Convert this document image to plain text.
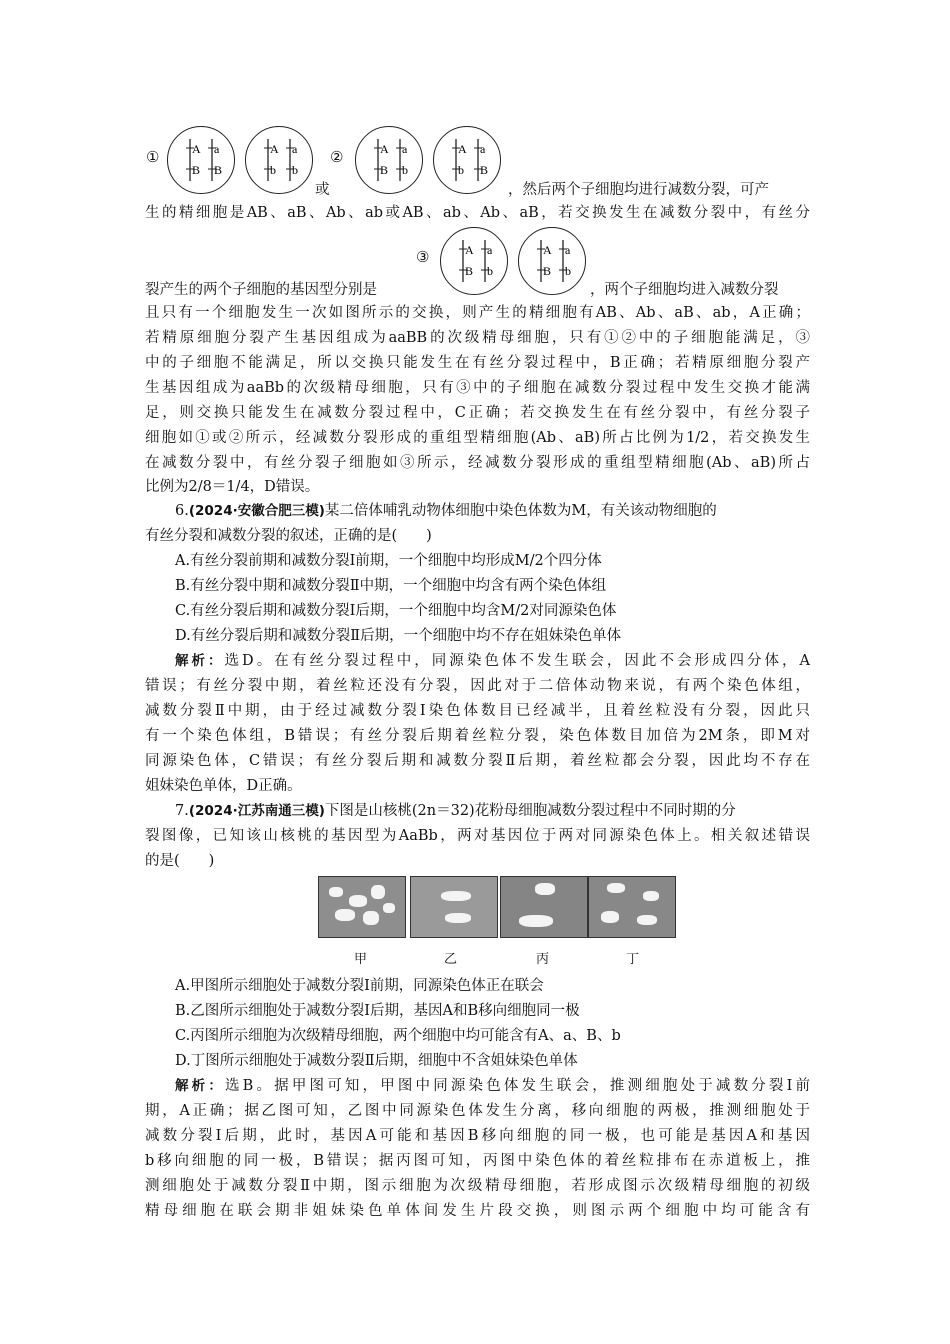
①	A
B
a
B
A
b
a
b
②	A
B
a
b
A
b
a
B
或	，然后两个子细胞均进行减数分裂，可产
生的精细胞是AB、aB、Ab、ab或AB、ab、Ab、aB，若交换发生在减数分裂中，有丝分
③	A
B
a
b
A
B
a
b
裂产生的两个子细胞的基因型分别是	，两个子细胞均进入减数分裂
且只有一个细胞发生一次如图所示的交换，则产生的精细胞有AB、Ab、aB、ab，A正确；
若精原细胞分裂产生基因组成为aaBB的次级精母细胞，只有①②中的子细胞能满足，③
中的子细胞不能满足，所以交换只能发生在有丝分裂过程中，B正确；若精原细胞分裂产
生基因组成为aaBb的次级精母细胞，只有③中的子细胞在减数分裂过程中发生交换才能满
足，则交换只能发生在减数分裂过程中，C正确；若交换发生在有丝分裂中，有丝分裂子
细胞如①或②所示，经减数分裂形成的重组型精细胞(Ab、aB)所占比例为1/2，若交换发生
在减数分裂中，有丝分裂子细胞如③所示，经减数分裂形成的重组型精细胞(Ab、aB)所占
比例为2/8＝1/4，D错误。
6.(2024·安徽合肥三模)某二倍体哺乳动物体细胞中染色体数为M，有关该动物细胞的
有丝分裂和减数分裂的叙述，正确的是(　　)
A.有丝分裂前期和减数分裂Ⅰ前期，一个细胞中均形成M/2个四分体
B.有丝分裂中期和减数分裂Ⅱ中期，一个细胞中均含有两个染色体组
C.有丝分裂后期和减数分裂Ⅰ后期，一个细胞中均含M/2对同源染色体
D.有丝分裂后期和减数分裂Ⅱ后期，一个细胞中均不存在姐妹染色单体
解析：选D。在有丝分裂过程中，同源染色体不发生联会，因此不会形成四分体，A
错误；有丝分裂中期，着丝粒还没有分裂，因此对于二倍体动物来说，有两个染色体组，
减数分裂Ⅱ中期，由于经过减数分裂Ⅰ染色体数目已经减半，且着丝粒没有分裂，因此只
有一个染色体组，B错误；有丝分裂后期着丝粒分裂，染色体数目加倍为2M条，即M对
同源染色体，C错误；有丝分裂后期和减数分裂Ⅱ后期，着丝粒都会分裂，因此均不存在
姐妹染色单体，D正确。
7.(2024·江苏南通三模)下图是山核桃(2n＝32)花粉母细胞减数分裂过程中不同时期的分
裂图像，已知该山核桃的基因型为AaBb，两对基因位于两对同源染色体上。相关叙述错误
的是(　　)
甲	乙	丙	丁
A.甲图所示细胞处于减数分裂Ⅰ前期，同源染色体正在联会
B.乙图所示细胞处于减数分裂Ⅰ后期，基因A和B移向细胞同一极
C.丙图所示细胞为次级精母细胞，两个细胞中均可能含有A、a、B、b
D.丁图所示细胞处于减数分裂Ⅱ后期，细胞中不含姐妹染色单体
解析：选B。据甲图可知，甲图中同源染色体发生联会，推测细胞处于减数分裂Ⅰ前
期，A正确；据乙图可知，乙图中同源染色体发生分离，移向细胞的两极，推测细胞处于
减数分裂Ⅰ后期，此时，基因A可能和基因B移向细胞的同一极，也可能是基因A和基因
b移向细胞的同一极，B错误；据丙图可知，丙图中染色体的着丝粒排布在赤道板上，推
测细胞处于减数分裂Ⅱ中期，图示细胞为次级精母细胞，若形成图示次级精母细胞的初级
精母细胞在联会期非姐妹染色单体间发生片段交换，则图示两个细胞中均可能含有
